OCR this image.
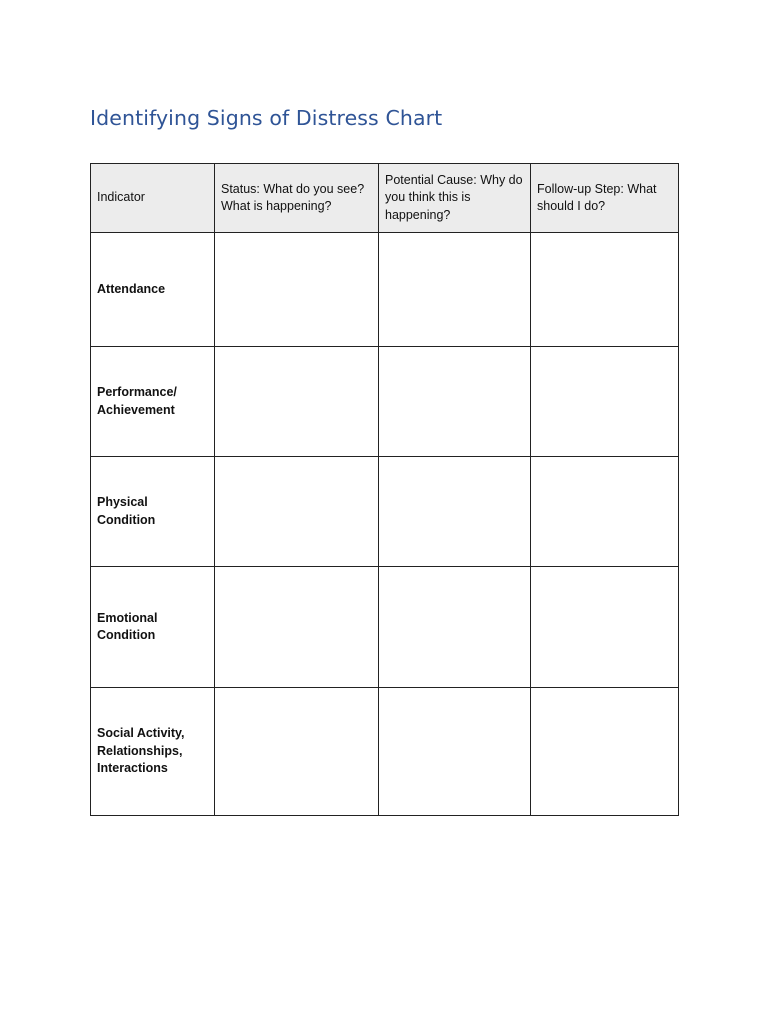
Identifying Signs of Distress Chart
Indicator	Status: What do you see? What is happening?	Potential Cause: Why do you think this is happening?	Follow-up Step: What should I do?
Attendance			

Performance/ Achievement			

Physical Condition			
Emotional Condition			
Social Activity, Relationships, Interactions			
